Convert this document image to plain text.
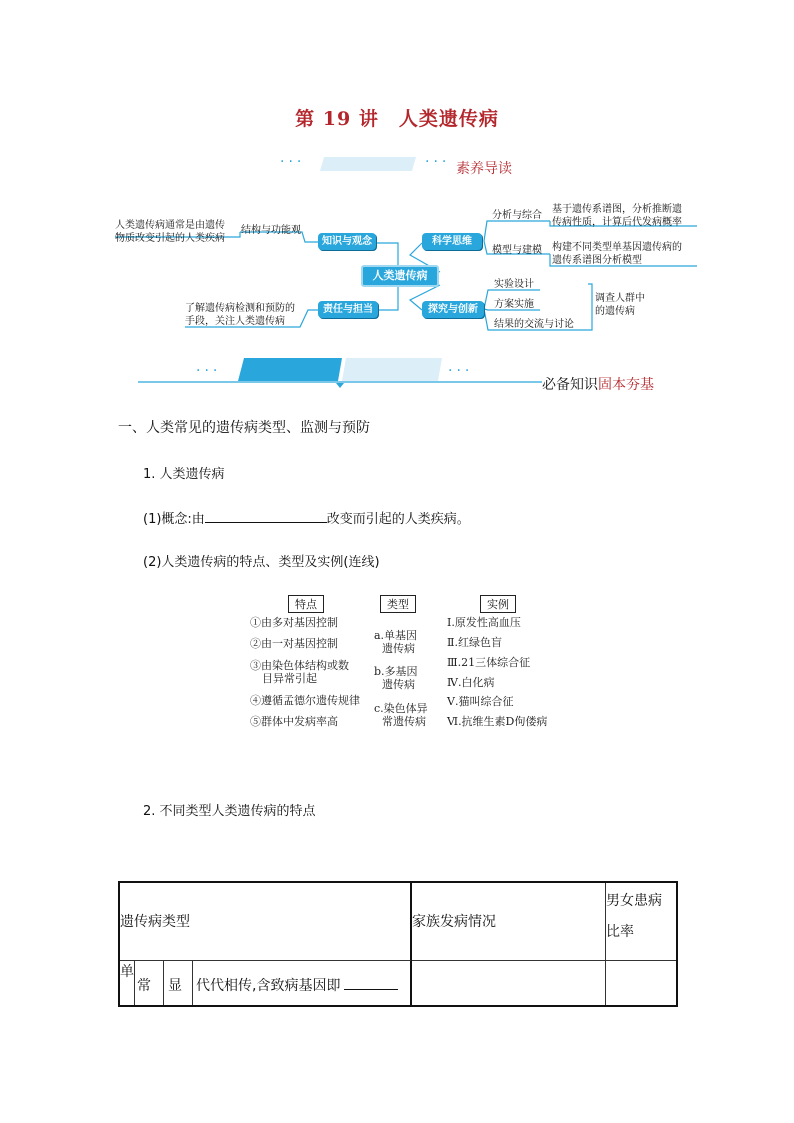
第 19 讲　人类遗传病
···	··· 素养导读
人类遗传病通常是由遗传
物质改变引起的人类疾病
结构与功能观
知识与观念
了解遗传病检测和预防的
手段，关注人类遗传病
责任与担当
人类遗传病
科学思维
分析与综合
基于遗传系谱图，分析推断遗
传病性质，计算后代发病概率
模型与建模 构建不同类型单基因遗传病的
遗传系谱图分析模型
探究与创新
实验设计
方案实施
结果的交流与讨论
调查人群中
的遗传病
···	···
必备知识固本夯基
一、人类常见的遗传病类型、监测与预防
1. 人类遗传病
(1)概念:由	改变而引起的人类疾病。
(2)人类遗传病的特点、类型及实例(连线)
特点	类型	实例
①由多对基因控制
②由一对基因控制
③由染色体结构或数
目异常引起
④遵循孟德尔遗传规律
⑤群体中发病率高
a.单基因
遗传病
b.多基因
遗传病
c.染色体异
常遗传病
Ⅰ.原发性高血压
Ⅱ.红绿色盲
Ⅲ.21三体综合征
Ⅳ.白化病
Ⅴ.猫叫综合征
Ⅵ.抗维生素D佝偻病
2. 不同类型人类遗传病的特点
遗传病类型				家族发病情况	男女患病
比率

单	常	显	代代相传,含致病基因即		
